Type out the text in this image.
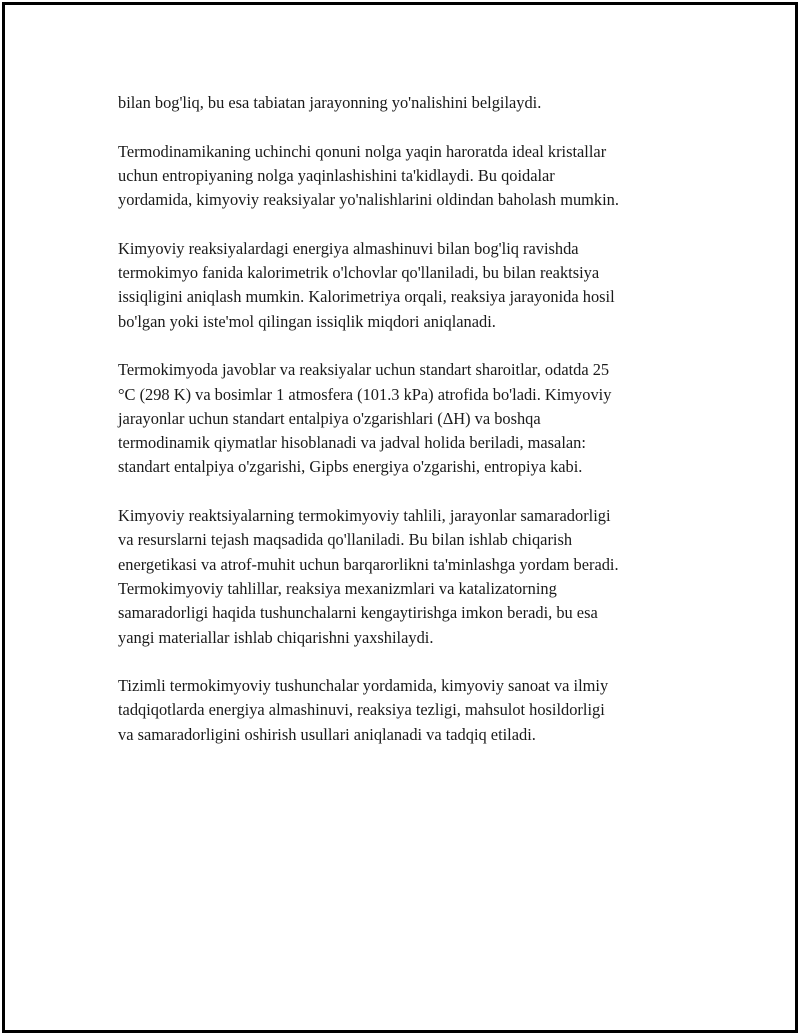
bilan bog'liq, bu esa tabiatan jarayonning yo'nalishini belgilaydi.

Termodinamikaning uchinchi qonuni nolga yaqin haroratda ideal kristallar
uchun entropiyaning nolga yaqinlashishini ta'kidlaydi. Bu qoidalar
yordamida, kimyoviy reaksiyalar yo'nalishlarini oldindan baholash mumkin.

Kimyoviy reaksiyalardagi energiya almashinuvi bilan bog'liq ravishda
termokimyo fanida kalorimetrik o'lchovlar qo'llaniladi, bu bilan reaktsiya
issiqligini aniqlash mumkin. Kalorimetriya orqali, reaksiya jarayonida hosil
bo'lgan yoki iste'mol qilingan issiqlik miqdori aniqlanadi.

Termokimyoda javoblar va reaksiyalar uchun standart sharoitlar, odatda 25
°C (298 K) va bosimlar 1 atmosfera (101.3 kPa) atrofida bo'ladi. Kimyoviy
jarayonlar uchun standart entalpiya o'zgarishlari (ΔH) va boshqa
termodinamik qiymatlar hisoblanadi va jadval holida beriladi, masalan:
standart entalpiya o'zgarishi, Gipbs energiya o'zgarishi, entropiya kabi.

Kimyoviy reaktsiyalarning termokimyoviy tahlili, jarayonlar samaradorligi
va resurslarni tejash maqsadida qo'llaniladi. Bu bilan ishlab chiqarish
energetikasi va atrof-muhit uchun barqarorlikni ta'minlashga yordam beradi.
Termokimyoviy tahlillar, reaksiya mexanizmlari va katalizatorning
samaradorligi haqida tushunchalarni kengaytirishga imkon beradi, bu esa
yangi materiallar ishlab chiqarishni yaxshilaydi.

Tizimli termokimyoviy tushunchalar yordamida, kimyoviy sanoat va ilmiy
tadqiqotlarda energiya almashinuvi, reaksiya tezligi, mahsulot hosildorligi
va samaradorligini oshirish usullari aniqlanadi va tadqiq etiladi.
